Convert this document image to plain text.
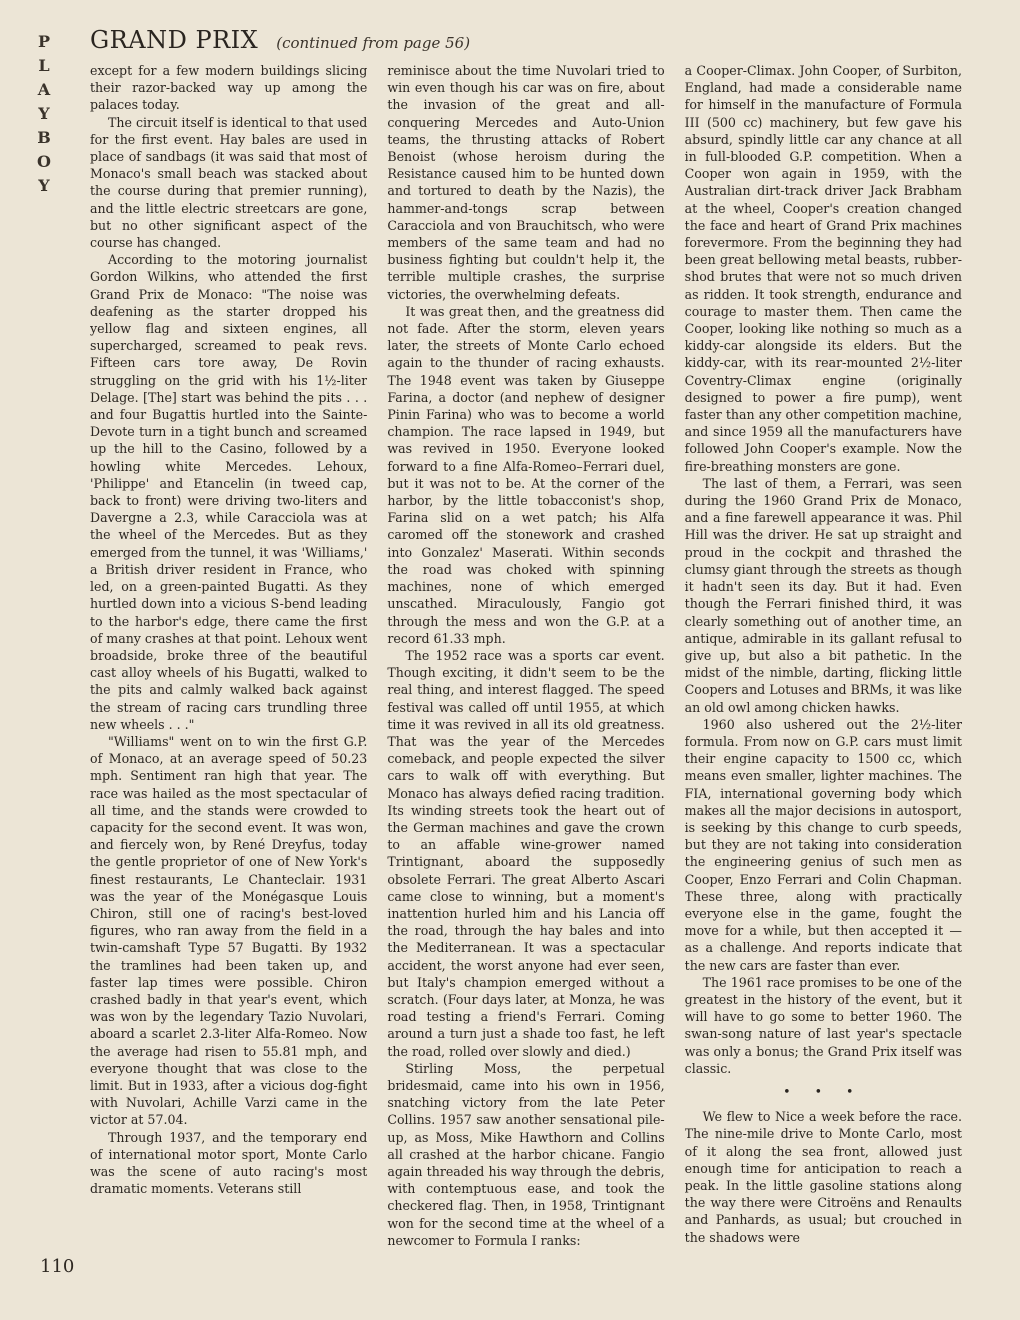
P
L
A
Y
B
O
Y
GRAND PRIX (continued from page 56)

except for a few modern buildings slicing their razor-backed way up among the palaces today.

The circuit itself is identical to that used for the first event. Hay bales are used in place of sandbags (it was said that most of Monaco's small beach was stacked about the course during that premier running), and the little electric streetcars are gone, but no other significant aspect of the course has changed.

According to the motoring journalist Gordon Wilkins, who attended the first Grand Prix de Monaco: "The noise was deafening as the starter dropped his yellow flag and sixteen engines, all supercharged, screamed to peak revs. Fifteen cars tore away, De Rovin struggling on the grid with his 1½-liter Delage. [The] start was behind the pits . . . and four Bugattis hurtled into the Sainte-Devote turn in a tight bunch and screamed up the hill to the Casino, followed by a howling white Mercedes. Lehoux, 'Philippe' and Etancelin (in tweed cap, back to front) were driving two-liters and Davergne a 2.3, while Caracciola was at the wheel of the Mercedes. But as they emerged from the tunnel, it was 'Williams,' a British driver resident in France, who led, on a green-painted Bugatti. As they hurtled down into a vicious S-bend leading to the harbor's edge, there came the first of many crashes at that point. Lehoux went broadside, broke three of the beautiful cast alloy wheels of his Bugatti, walked to the pits and calmly walked back against the stream of racing cars trundling three new wheels . . ."

"Williams" went on to win the first G.P. of Monaco, at an average speed of 50.23 mph. Sentiment ran high that year. The race was hailed as the most spectacular of all time, and the stands were crowded to capacity for the second event. It was won, and fiercely won, by René Dreyfus, today the gentle proprietor of one of New York's finest restaurants, Le Chanteclair. 1931 was the year of the Monégasque Louis Chiron, still one of racing's best-loved figures, who ran away from the field in a twin-camshaft Type 57 Bugatti. By 1932 the tramlines had been taken up, and faster lap times were possible. Chiron crashed badly in that year's event, which was won by the legendary Tazio Nuvolari, aboard a scarlet 2.3-liter Alfa-Romeo. Now the average had risen to 55.81 mph, and everyone thought that was close to the limit. But in 1933, after a vicious dog-fight with Nuvolari, Achille Varzi came in the victor at 57.04.

Through 1937, and the temporary end of international motor sport, Monte Carlo was the scene of auto racing's most dramatic moments. Veterans still

reminisce about the time Nuvolari tried to win even though his car was on fire, about the invasion of the great and all-conquering Mercedes and Auto-Union teams, the thrusting attacks of Robert Benoist (whose heroism during the Resistance caused him to be hunted down and tortured to death by the Nazis), the hammer-and-tongs scrap between Caracciola and von Brauchitsch, who were members of the same team and had no business fighting but couldn't help it, the terrible multiple crashes, the surprise victories, the overwhelming defeats.

It was great then, and the greatness did not fade. After the storm, eleven years later, the streets of Monte Carlo echoed again to the thunder of racing exhausts. The 1948 event was taken by Giuseppe Farina, a doctor (and nephew of designer Pinin Farina) who was to become a world champion. The race lapsed in 1949, but was revived in 1950. Everyone looked forward to a fine Alfa-Romeo–Ferrari duel, but it was not to be. At the corner of the harbor, by the little tobacconist's shop, Farina slid on a wet patch; his Alfa caromed off the stonework and crashed into Gonzalez' Maserati. Within seconds the road was choked with spinning machines, none of which emerged unscathed. Miraculously, Fangio got through the mess and won the G.P. at a record 61.33 mph.

The 1952 race was a sports car event. Though exciting, it didn't seem to be the real thing, and interest flagged. The speed festival was called off until 1955, at which time it was revived in all its old greatness. That was the year of the Mercedes comeback, and people expected the silver cars to walk off with everything. But Monaco has always defied racing tradition. Its winding streets took the heart out of the German machines and gave the crown to an affable wine-grower named Trintignant, aboard the supposedly obsolete Ferrari. The great Alberto Ascari came close to winning, but a moment's inattention hurled him and his Lancia off the road, through the hay bales and into the Mediterranean. It was a spectacular accident, the worst anyone had ever seen, but Italy's champion emerged without a scratch. (Four days later, at Monza, he was road testing a friend's Ferrari. Coming around a turn just a shade too fast, he left the road, rolled over slowly and died.)

Stirling Moss, the perpetual bridesmaid, came into his own in 1956, snatching victory from the late Peter Collins. 1957 saw another sensational pile-up, as Moss, Mike Hawthorn and Collins all crashed at the harbor chicane. Fangio again threaded his way through the debris, with contemptuous ease, and took the checkered flag. Then, in 1958, Trintignant won for the second time at the wheel of a newcomer to Formula I ranks:

a Cooper-Climax. John Cooper, of Surbiton, England, had made a considerable name for himself in the manufacture of Formula III (500 cc) machinery, but few gave his absurd, spindly little car any chance at all in full-blooded G.P. competition. When a Cooper won again in 1959, with the Australian dirt-track driver Jack Brabham at the wheel, Cooper's creation changed the face and heart of Grand Prix machines forevermore. From the beginning they had been great bellowing metal beasts, rubber-shod brutes that were not so much driven as ridden. It took strength, endurance and courage to master them. Then came the Cooper, looking like nothing so much as a kiddy-car alongside its elders. But the kiddy-car, with its rear-mounted 2½-liter Coventry-Climax engine (originally designed to power a fire pump), went faster than any other competition machine, and since 1959 all the manufacturers have followed John Cooper's example. Now the fire-breathing monsters are gone.

The last of them, a Ferrari, was seen during the 1960 Grand Prix de Monaco, and a fine farewell appearance it was. Phil Hill was the driver. He sat up straight and proud in the cockpit and thrashed the clumsy giant through the streets as though it hadn't seen its day. But it had. Even though the Ferrari finished third, it was clearly something out of another time, an antique, admirable in its gallant refusal to give up, but also a bit pathetic. In the midst of the nimble, darting, flicking little Coopers and Lotuses and BRMs, it was like an old owl among chicken hawks.

1960 also ushered out the 2½-liter formula. From now on G.P. cars must limit their engine capacity to 1500 cc, which means even smaller, lighter machines. The FIA, international governing body which makes all the major decisions in autosport, is seeking by this change to curb speeds, but they are not taking into consideration the engineering genius of such men as Cooper, Enzo Ferrari and Colin Chapman. These three, along with practically everyone else in the game, fought the move for a while, but then accepted it — as a challenge. And reports indicate that the new cars are faster than ever.

The 1961 race promises to be one of the greatest in the history of the event, but it will have to go some to better 1960. The swan-song nature of last year's spectacle was only a bonus; the Grand Prix itself was classic.

• • •

We flew to Nice a week before the race. The nine-mile drive to Monte Carlo, most of it along the sea front, allowed just enough time for anticipation to reach a peak. In the little gasoline stations along the way there were Citroëns and Renaults and Panhards, as usual; but crouched in the shadows were

110
